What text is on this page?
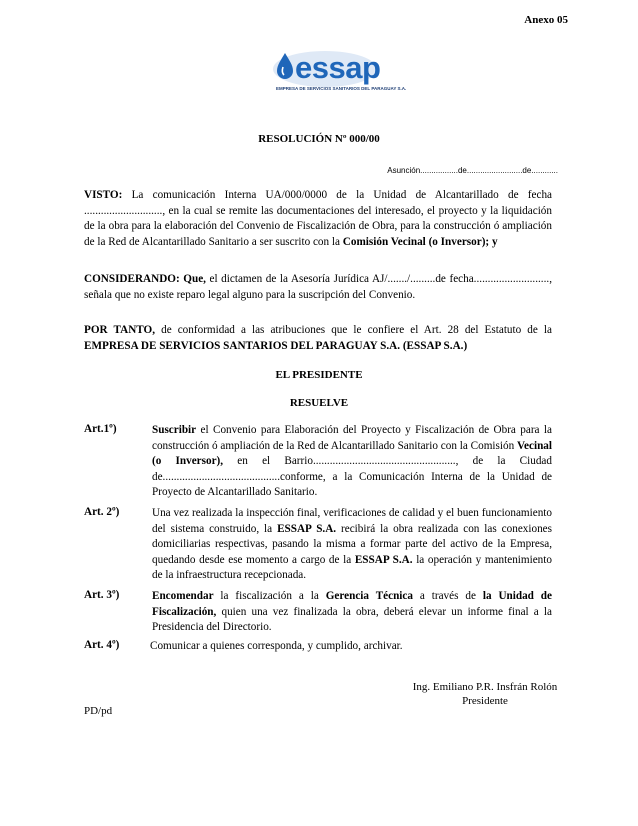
Anexo 05
essap
EMPRESA DE SERVICIOS SANITARIOS DEL PARAGUAY S.A.
RESOLUCIÓN Nº 000/00
Asunción.................de.........................de............
VISTO: La comunicación Interna UA/000/0000 de la Unidad de Alcantarillado de fecha ............................, en la cual se remite las documentaciones del interesado, el proyecto y la liquidación de la obra para la elaboración del Convenio de Fiscalización de Obra, para la construcción ó ampliación de la Red de Alcantarillado Sanitario a ser suscrito con la Comisión Vecinal (o Inversor); y
CONSIDERANDO: Que, el dictamen de la Asesoría Jurídica AJ/......./.........de fecha..........................., señala que no existe reparo legal alguno para la suscripción del Convenio.
POR TANTO, de conformidad a las atribuciones que le confiere el Art. 28 del Estatuto de la EMPRESA DE SERVICIOS SANTARIOS DEL PARAGUAY S.A. (ESSAP S.A.)
EL PRESIDENTE
RESUELVE
Art.1º)	Suscribir el Convenio para Elaboración del Proyecto y Fiscalización de Obra para la construcción ó ampliación de la Red de Alcantarillado Sanitario con la Comisión Vecinal (o Inversor), en el Barrio..................................................., de la Ciudad de..........................................conforme, a la Comunicación Interna de la Unidad de Proyecto de Alcantarillado Sanitario.
Art. 2º)	Una vez realizada la inspección final, verificaciones de calidad y el buen funcionamiento del sistema construido, la ESSAP S.A. recibirá la obra realizada con las conexiones domiciliarias respectivas, pasando la misma a formar parte del activo de la Empresa, quedando desde ese momento a cargo de la ESSAP S.A. la operación y mantenimiento de la infraestructura recepcionada.
Art. 3º)	Encomendar la fiscalización a la Gerencia Técnica a través de la Unidad de Fiscalización, quien una vez finalizada la obra, deberá elevar un informe final a la Presidencia del Directorio.
Art. 4º)	Comunicar a quienes corresponda, y cumplido, archivar.
Ing. Emiliano P.R. Insfrán Rolón
Presidente
PD/pd
